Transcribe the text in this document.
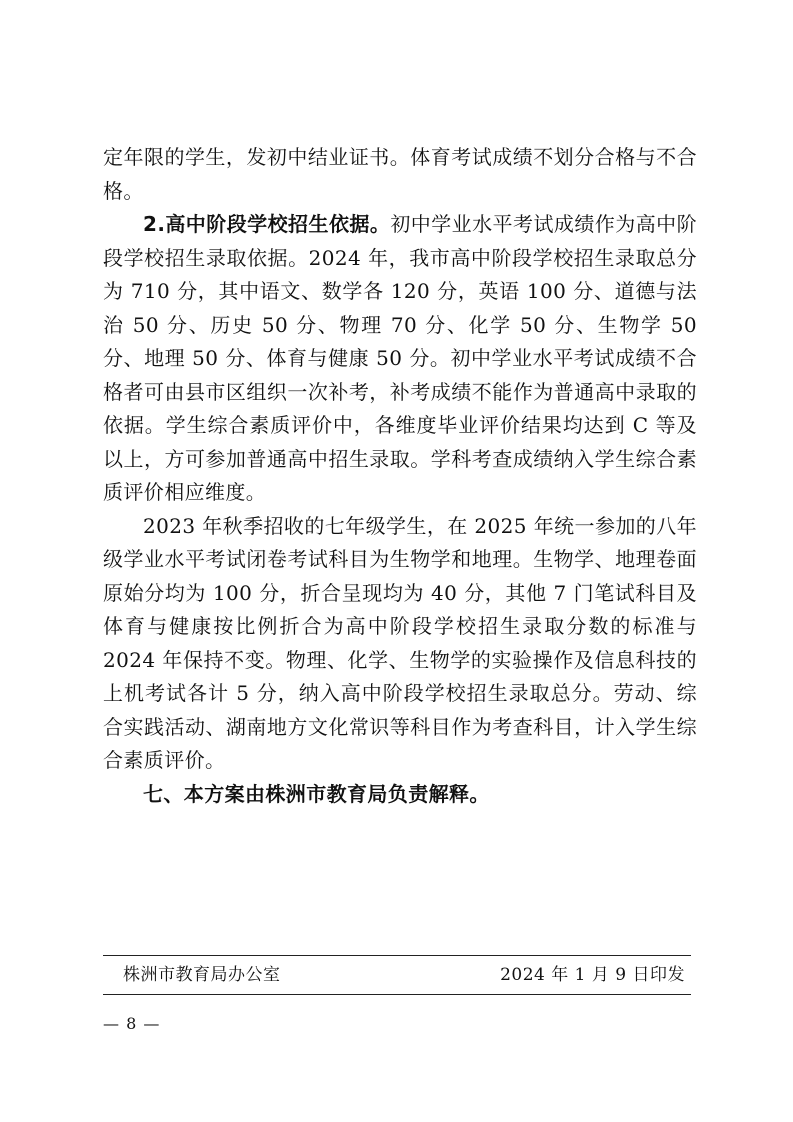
定年限的学生，发初中结业证书。体育考试成绩不划分合格与不合格。

2.高中阶段学校招生依据。初中学业水平考试成绩作为高中阶段学校招生录取依据。2024 年，我市高中阶段学校招生录取总分为 710 分，其中语文、数学各 120 分，英语 100 分、道德与法治 50 分、历史 50 分、物理 70 分、化学 50 分、生物学 50 分、地理 50 分、体育与健康 50 分。初中学业水平考试成绩不合格者可由县市区组织一次补考，补考成绩不能作为普通高中录取的依据。学生综合素质评价中，各维度毕业评价结果均达到 C 等及以上，方可参加普通高中招生录取。学科考查成绩纳入学生综合素质评价相应维度。

2023 年秋季招收的七年级学生，在 2025 年统一参加的八年级学业水平考试闭卷考试科目为生物学和地理。生物学、地理卷面原始分均为 100 分，折合呈现均为 40 分，其他 7 门笔试科目及体育与健康按比例折合为高中阶段学校招生录取分数的标准与 2024 年保持不变。物理、化学、生物学的实验操作及信息科技的上机考试各计 5 分，纳入高中阶段学校招生录取总分。劳动、综合实践活动、湖南地方文化常识等科目作为考查科目，计入学生综合素质评价。

七、本方案由株洲市教育局负责解释。

株洲市教育局办公室	2024 年 1 月 9 日印发
— 8 —
